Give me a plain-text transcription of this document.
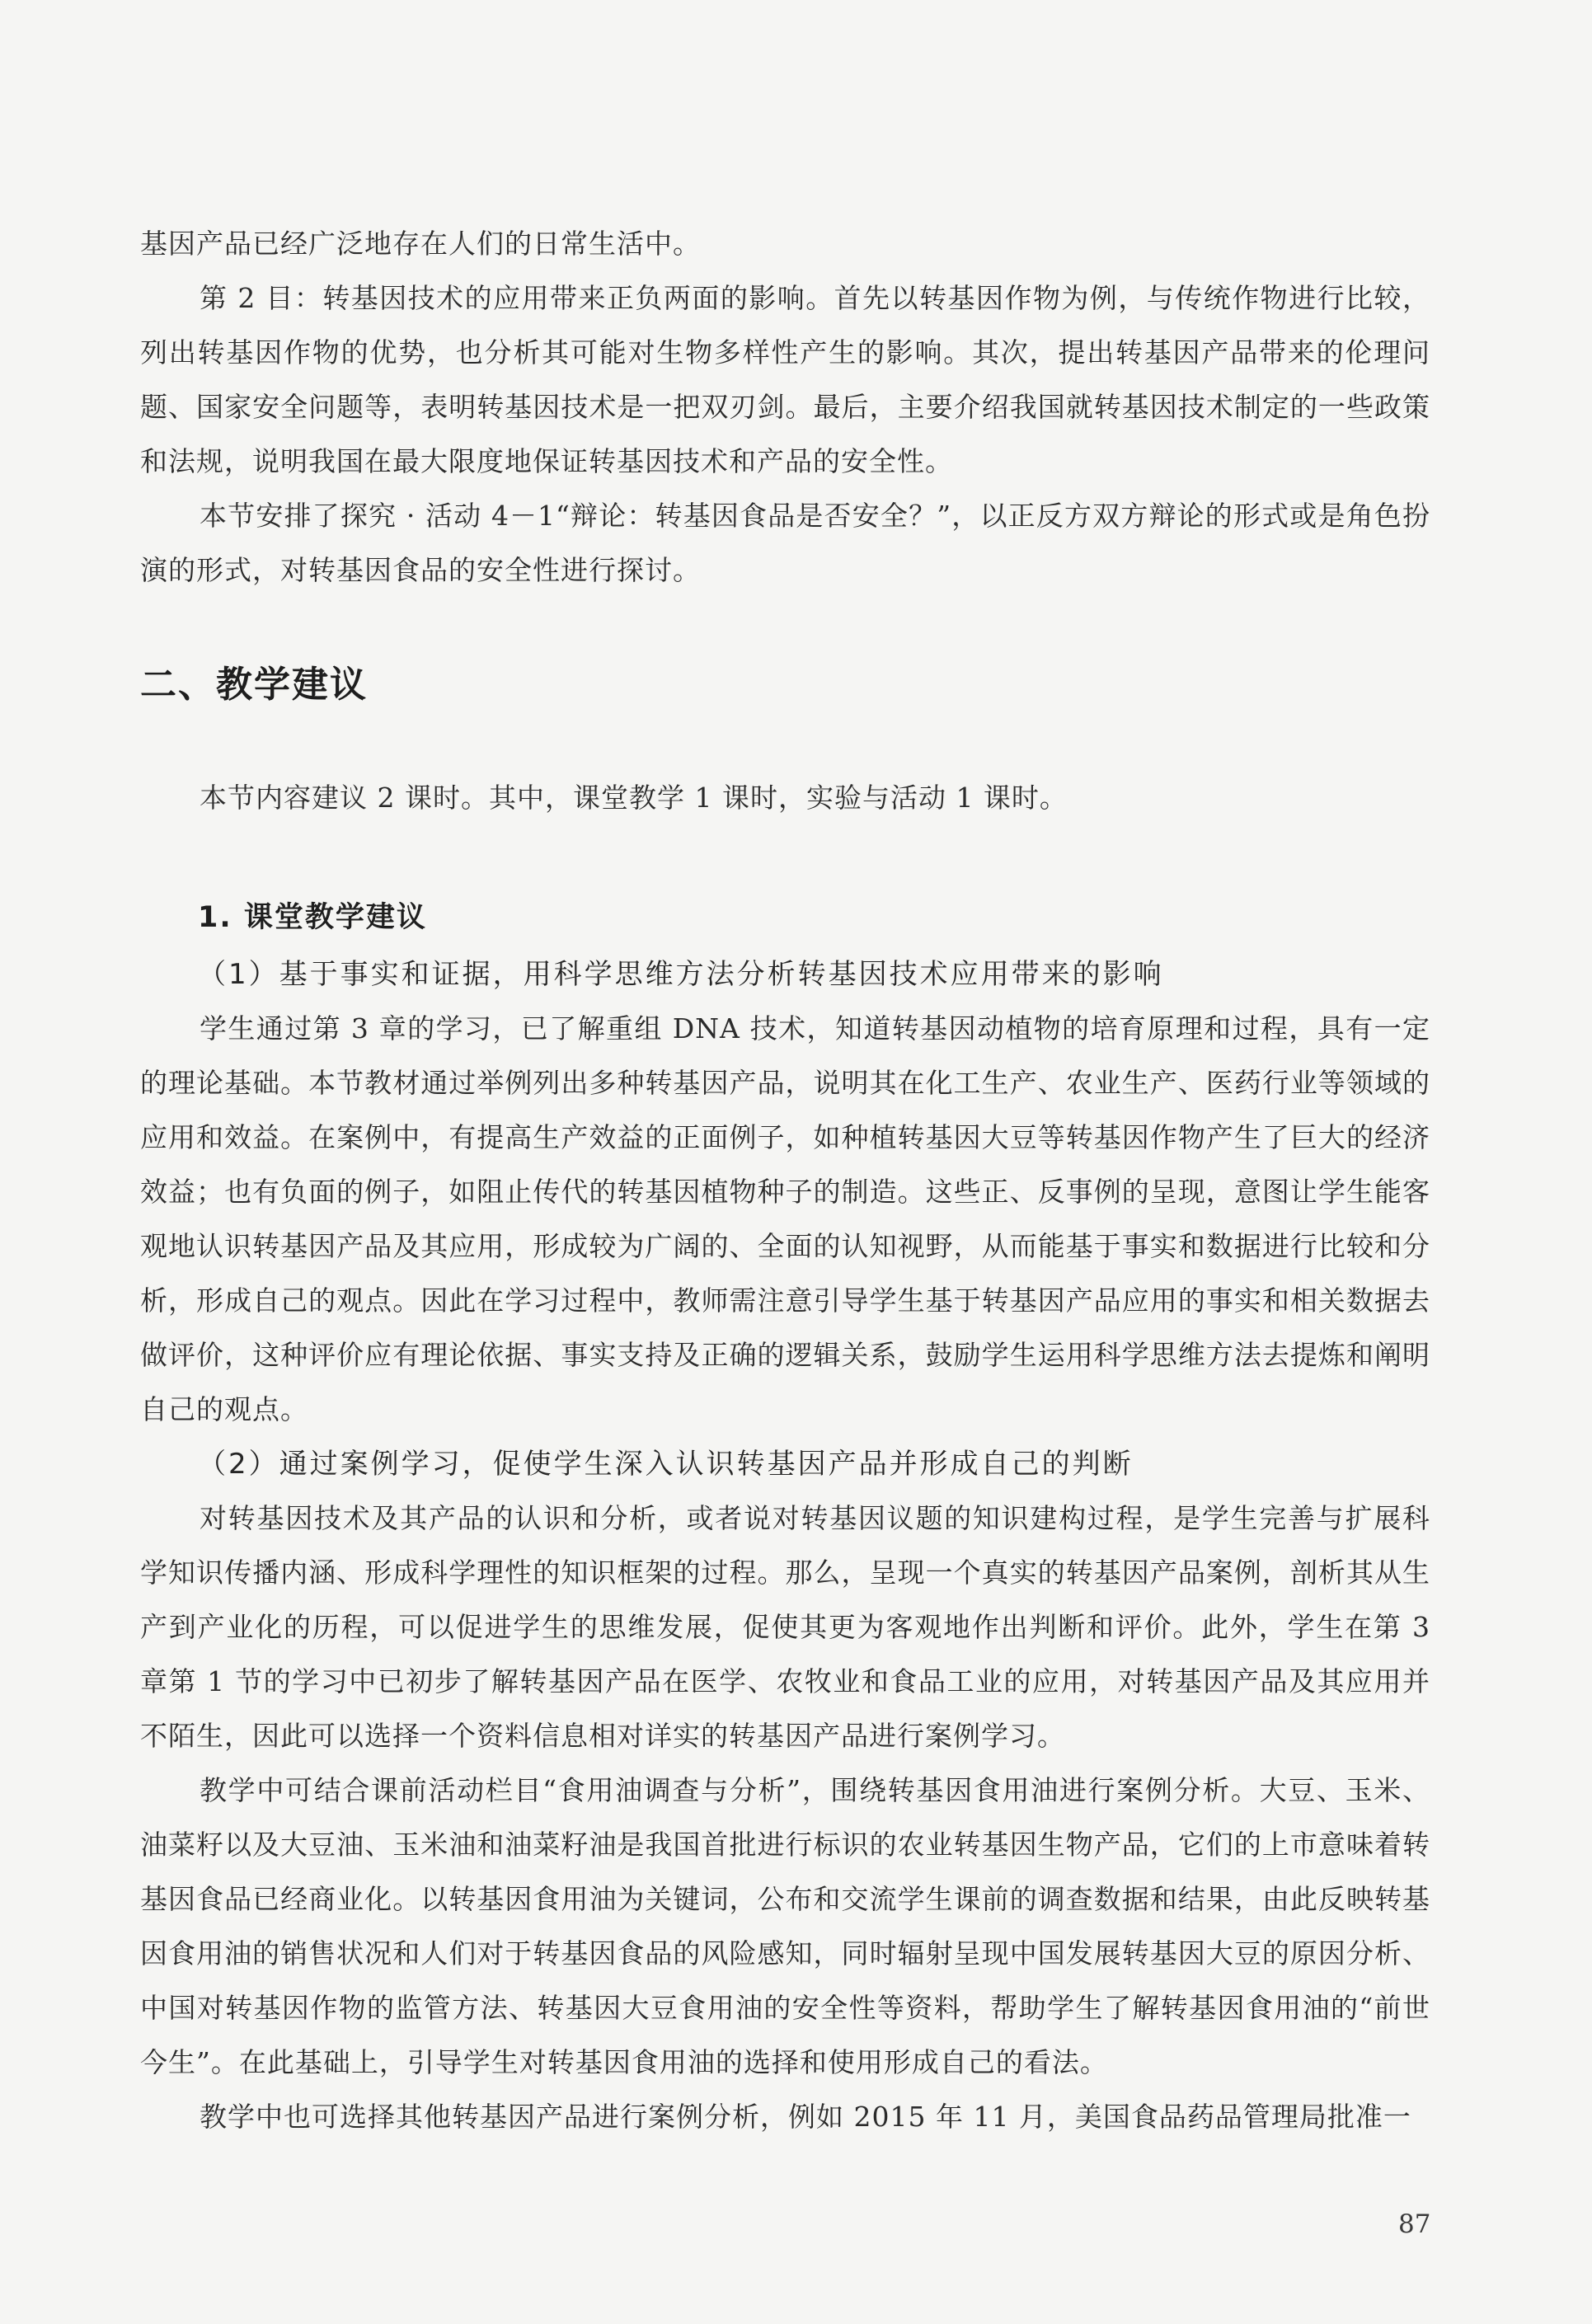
基因产品已经广泛地存在人们的日常生活中。

第 2 目：转基因技术的应用带来正负两面的影响。首先以转基因作物为例，与传统作物进行比较，列出转基因作物的优势，也分析其可能对生物多样性产生的影响。其次，提出转基因产品带来的伦理问题、国家安全问题等，表明转基因技术是一把双刃剑。最后，主要介绍我国就转基因技术制定的一些政策和法规，说明我国在最大限度地保证转基因技术和产品的安全性。

本节安排了探究 · 活动 4－1“辩论：转基因食品是否安全？”，以正反方双方辩论的形式或是角色扮演的形式，对转基因食品的安全性进行探讨。

二、教学建议

本节内容建议 2 课时。其中，课堂教学 1 课时，实验与活动 1 课时。

1. 课堂教学建议
（1）基于事实和证据，用科学思维方法分析转基因技术应用带来的影响

学生通过第 3 章的学习，已了解重组 DNA 技术，知道转基因动植物的培育原理和过程，具有一定的理论基础。本节教材通过举例列出多种转基因产品，说明其在化工生产、农业生产、医药行业等领域的应用和效益。在案例中，有提高生产效益的正面例子，如种植转基因大豆等转基因作物产生了巨大的经济效益；也有负面的例子，如阻止传代的转基因植物种子的制造。这些正、反事例的呈现，意图让学生能客观地认识转基因产品及其应用，形成较为广阔的、全面的认知视野，从而能基于事实和数据进行比较和分析，形成自己的观点。因此在学习过程中，教师需注意引导学生基于转基因产品应用的事实和相关数据去做评价，这种评价应有理论依据、事实支持及正确的逻辑关系，鼓励学生运用科学思维方法去提炼和阐明自己的观点。

（2）通过案例学习，促使学生深入认识转基因产品并形成自己的判断

对转基因技术及其产品的认识和分析，或者说对转基因议题的知识建构过程，是学生完善与扩展科学知识传播内涵、形成科学理性的知识框架的过程。那么，呈现一个真实的转基因产品案例，剖析其从生产到产业化的历程，可以促进学生的思维发展，促使其更为客观地作出判断和评价。此外，学生在第 3 章第 1 节的学习中已初步了解转基因产品在医学、农牧业和食品工业的应用，对转基因产品及其应用并不陌生，因此可以选择一个资料信息相对详实的转基因产品进行案例学习。

教学中可结合课前活动栏目“食用油调查与分析”，围绕转基因食用油进行案例分析。大豆、玉米、油菜籽以及大豆油、玉米油和油菜籽油是我国首批进行标识的农业转基因生物产品，它们的上市意味着转基因食品已经商业化。以转基因食用油为关键词，公布和交流学生课前的调查数据和结果，由此反映转基因食用油的销售状况和人们对于转基因食品的风险感知，同时辐射呈现中国发展转基因大豆的原因分析、中国对转基因作物的监管方法、转基因大豆食用油的安全性等资料，帮助学生了解转基因食用油的“前世今生”。在此基础上，引导学生对转基因食用油的选择和使用形成自己的看法。

教学中也可选择其他转基因产品进行案例分析，例如 2015 年 11 月，美国食品药品管理局批准一

87
